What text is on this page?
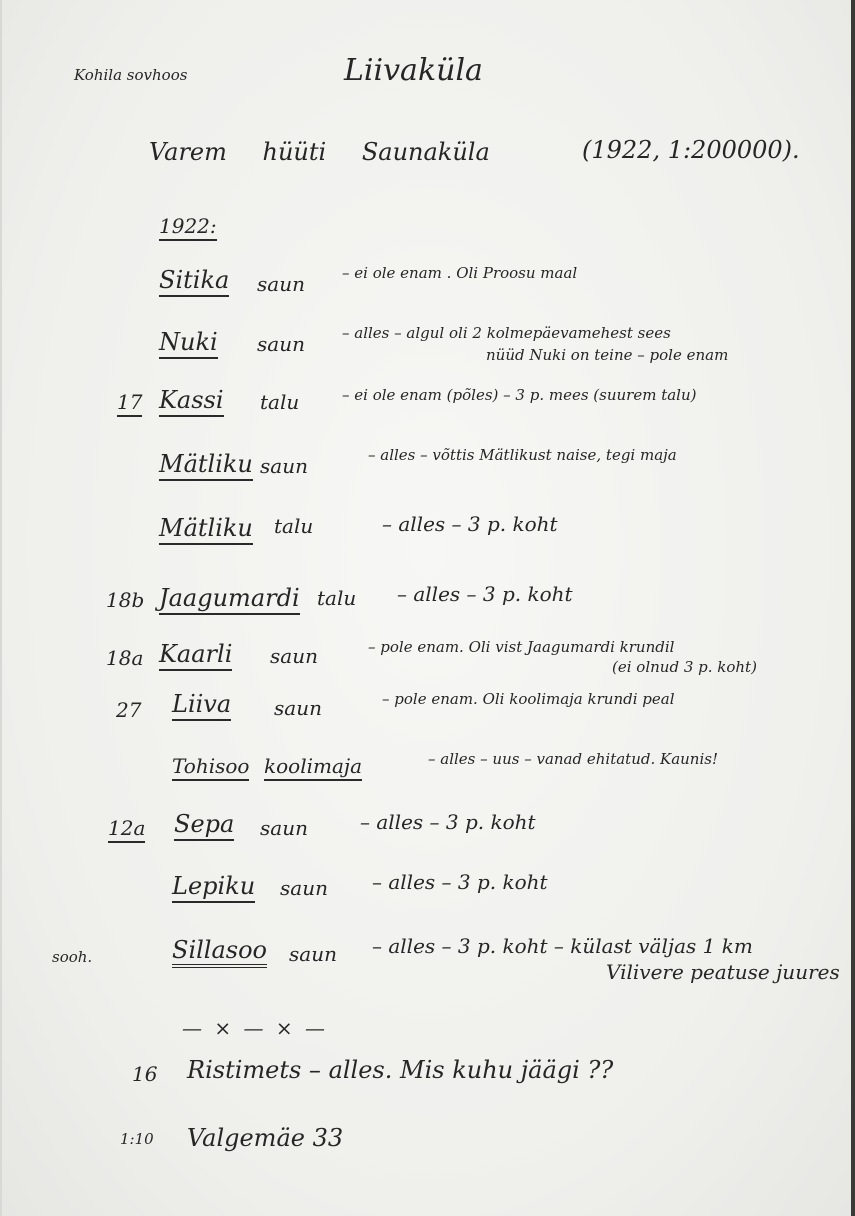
Kohila sovhoos	Liivaküla
Varem hüüti Saunaküla	(1922, 1:200000).
1922:
Sitika saun – ei ole enam . Oli Proosu maal
Nuki saun – alles – algul oli 2 kolmepäevamehest sees
nüüd Nuki on teine – pole enam
17 Kassi talu	– ei ole enam (põles) – 3 p. mees (suurem talu)
Mätliku saun	– alles – võttis Mätlikust naise, tegi maja
Mätliku talu	– alles – 3 p. koht
18b Jaagumardi talu – alles – 3 p. koht
18a Kaarli saun	– pole enam. Oli vist Jaagumardi krundil
(ei olnud 3 p. koht)
27 Liiva saun	– pole enam. Oli koolimaja krundi peal
Tohisoo koolimaja	– alles – uus – vanad ehitatud. Kaunis!
12a Sepa saun	– alles – 3 p. koht
Lepiku saun – alles – 3 p. koht
sooh.	Sillasoo saun – alles – 3 p. koht – külast väljas 1 km
Vilivere peatuse juures
— × — × —
16 Ristimets – alles. Mis kuhu jäägi ??
1:10 Valgemäe 33
